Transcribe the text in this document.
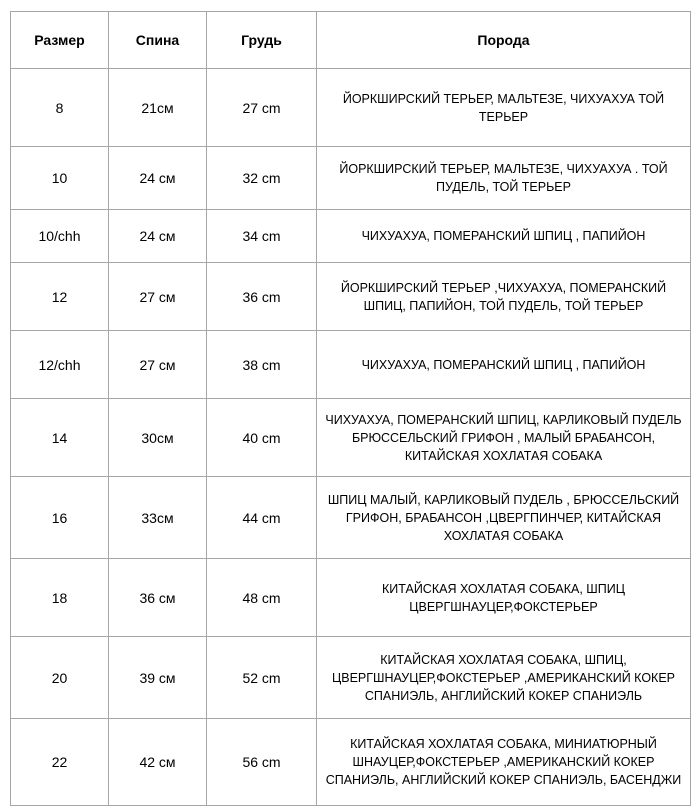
Размер	Спина	Грудь	Порода
8	21см	27 cm	ЙОРКШИРСКИЙ ТЕРЬЕР, МАЛЬТЕЗЕ, ЧИХУАХУА ТОЙ ТЕРЬЕР
10	24 см	32 cm	ЙОРКШИРСКИЙ ТЕРЬЕР, МАЛЬТЕЗЕ, ЧИХУАХУА . ТОЙ ПУДЕЛЬ, ТОЙ ТЕРЬЕР
10/chh	24 см	34 cm	ЧИХУАХУА, ПОМЕРАНСКИЙ ШПИЦ , ПАПИЙОН
12	27 см	36 cm	ЙОРКШИРСКИЙ ТЕРЬЕР ,ЧИХУАХУА, ПОМЕРАНСКИЙ ШПИЦ, ПАПИЙОН, ТОЙ ПУДЕЛЬ, ТОЙ ТЕРЬЕР
12/chh	27 см	38 cm	ЧИХУАХУА, ПОМЕРАНСКИЙ ШПИЦ , ПАПИЙОН
14	30см	40 cm	ЧИХУАХУА, ПОМЕРАНСКИЙ ШПИЦ, КАРЛИКОВЫЙ ПУДЕЛЬ БРЮССЕЛЬСКИЙ ГРИФОН , МАЛЫЙ БРАБАНСОН, КИТАЙСКАЯ ХОХЛАТАЯ СОБАКА
16	33см	44 cm	ШПИЦ МАЛЫЙ, КАРЛИКОВЫЙ ПУДЕЛЬ , БРЮССЕЛЬСКИЙ ГРИФОН, БРАБАНСОН ,ЦВЕРГПИНЧЕР, КИТАЙСКАЯ ХОХЛАТАЯ СОБАКА
18	36 см	48 cm	КИТАЙСКАЯ ХОХЛАТАЯ СОБАКА, ШПИЦ ЦВЕРГШНАУЦЕР,ФОКСТЕРЬЕР
20	39 см	52 cm	КИТАЙСКАЯ ХОХЛАТАЯ СОБАКА, ШПИЦ, ЦВЕРГШНАУЦЕР,ФОКСТЕРЬЕР ,АМЕРИКАНСКИЙ КОКЕР СПАНИЭЛЬ, АНГЛИЙСКИЙ КОКЕР СПАНИЭЛЬ
22	42 см	56 cm	КИТАЙСКАЯ ХОХЛАТАЯ СОБАКА, МИНИАТЮРНЫЙ ШНАУЦЕР,ФОКСТЕРЬЕР ,АМЕРИКАНСКИЙ КОКЕР СПАНИЭЛЬ, АНГЛИЙСКИЙ КОКЕР СПАНИЭЛЬ, БАСЕНДЖИ
